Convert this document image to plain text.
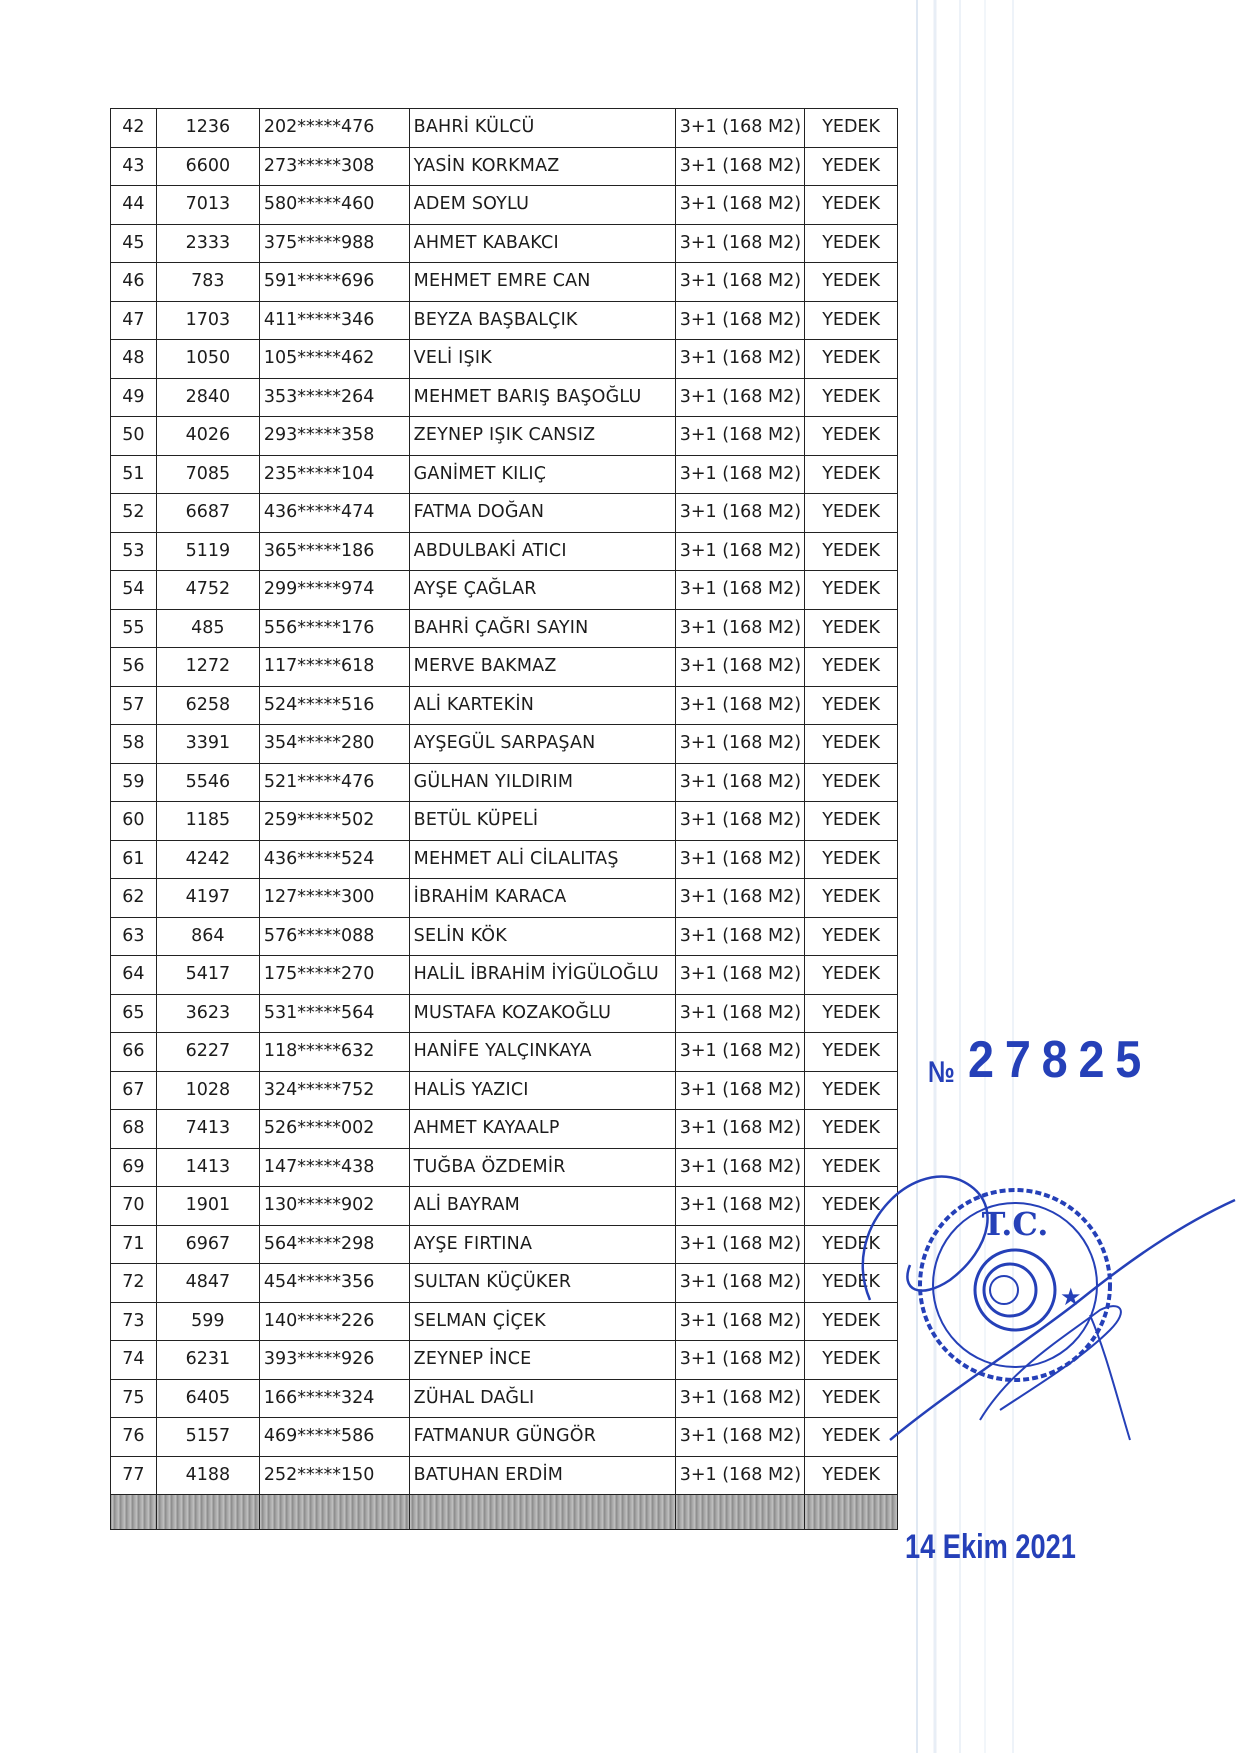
42	1236	202*****476	BAHRİ KÜLCÜ	3+1 (168 M2)	YEDEK
43	6600	273*****308	YASİN KORKMAZ	3+1 (168 M2)	YEDEK
44	7013	580*****460	ADEM SOYLU	3+1 (168 M2)	YEDEK
45	2333	375*****988	AHMET KABAKCI	3+1 (168 M2)	YEDEK
46	783	591*****696	MEHMET EMRE CAN	3+1 (168 M2)	YEDEK
47	1703	411*****346	BEYZA BAŞBALÇIK	3+1 (168 M2)	YEDEK
48	1050	105*****462	VELİ IŞIK	3+1 (168 M2)	YEDEK
49	2840	353*****264	MEHMET BARIŞ BAŞOĞLU	3+1 (168 M2)	YEDEK
50	4026	293*****358	ZEYNEP IŞIK CANSIZ	3+1 (168 M2)	YEDEK
51	7085	235*****104	GANİMET KILIÇ	3+1 (168 M2)	YEDEK
52	6687	436*****474	FATMA DOĞAN	3+1 (168 M2)	YEDEK
53	5119	365*****186	ABDULBAKİ ATICI	3+1 (168 M2)	YEDEK
54	4752	299*****974	AYŞE ÇAĞLAR	3+1 (168 M2)	YEDEK
55	485	556*****176	BAHRİ ÇAĞRI SAYIN	3+1 (168 M2)	YEDEK
56	1272	117*****618	MERVE BAKMAZ	3+1 (168 M2)	YEDEK
57	6258	524*****516	ALİ KARTEKİN	3+1 (168 M2)	YEDEK
58	3391	354*****280	AYŞEGÜL SARPAŞAN	3+1 (168 M2)	YEDEK
59	5546	521*****476	GÜLHAN YILDIRIM	3+1 (168 M2)	YEDEK
60	1185	259*****502	BETÜL KÜPELİ	3+1 (168 M2)	YEDEK
61	4242	436*****524	MEHMET ALİ CİLALITAŞ	3+1 (168 M2)	YEDEK
62	4197	127*****300	İBRAHİM KARACA	3+1 (168 M2)	YEDEK
63	864	576*****088	SELİN KÖK	3+1 (168 M2)	YEDEK
64	5417	175*****270	HALİL İBRAHİM İYİGÜLOĞLU	3+1 (168 M2)	YEDEK
65	3623	531*****564	MUSTAFA KOZAKOĞLU	3+1 (168 M2)	YEDEK
66	6227	118*****632	HANİFE YALÇINKAYA	3+1 (168 M2)	YEDEK
67	1028	324*****752	HALİS YAZICI	3+1 (168 M2)	YEDEK
68	7413	526*****002	AHMET KAYAALP	3+1 (168 M2)	YEDEK
69	1413	147*****438	TUĞBA ÖZDEMİR	3+1 (168 M2)	YEDEK
70	1901	130*****902	ALİ BAYRAM	3+1 (168 M2)	YEDEK
71	6967	564*****298	AYŞE FIRTINA	3+1 (168 M2)	YEDEK
72	4847	454*****356	SULTAN KÜÇÜKER	3+1 (168 M2)	YEDEK
73	599	140*****226	SELMAN ÇİÇEK	3+1 (168 M2)	YEDEK
74	6231	393*****926	ZEYNEP İNCE	3+1 (168 M2)	YEDEK
75	6405	166*****324	ZÜHAL DAĞLI	3+1 (168 M2)	YEDEK
76	5157	469*****586	FATMANUR GÜNGÖR	3+1 (168 M2)	YEDEK
77	4188	252*****150	BATUHAN ERDİM	3+1 (168 M2)	YEDEK

№ 27825
T.C.
★
14 Ekim 2021
